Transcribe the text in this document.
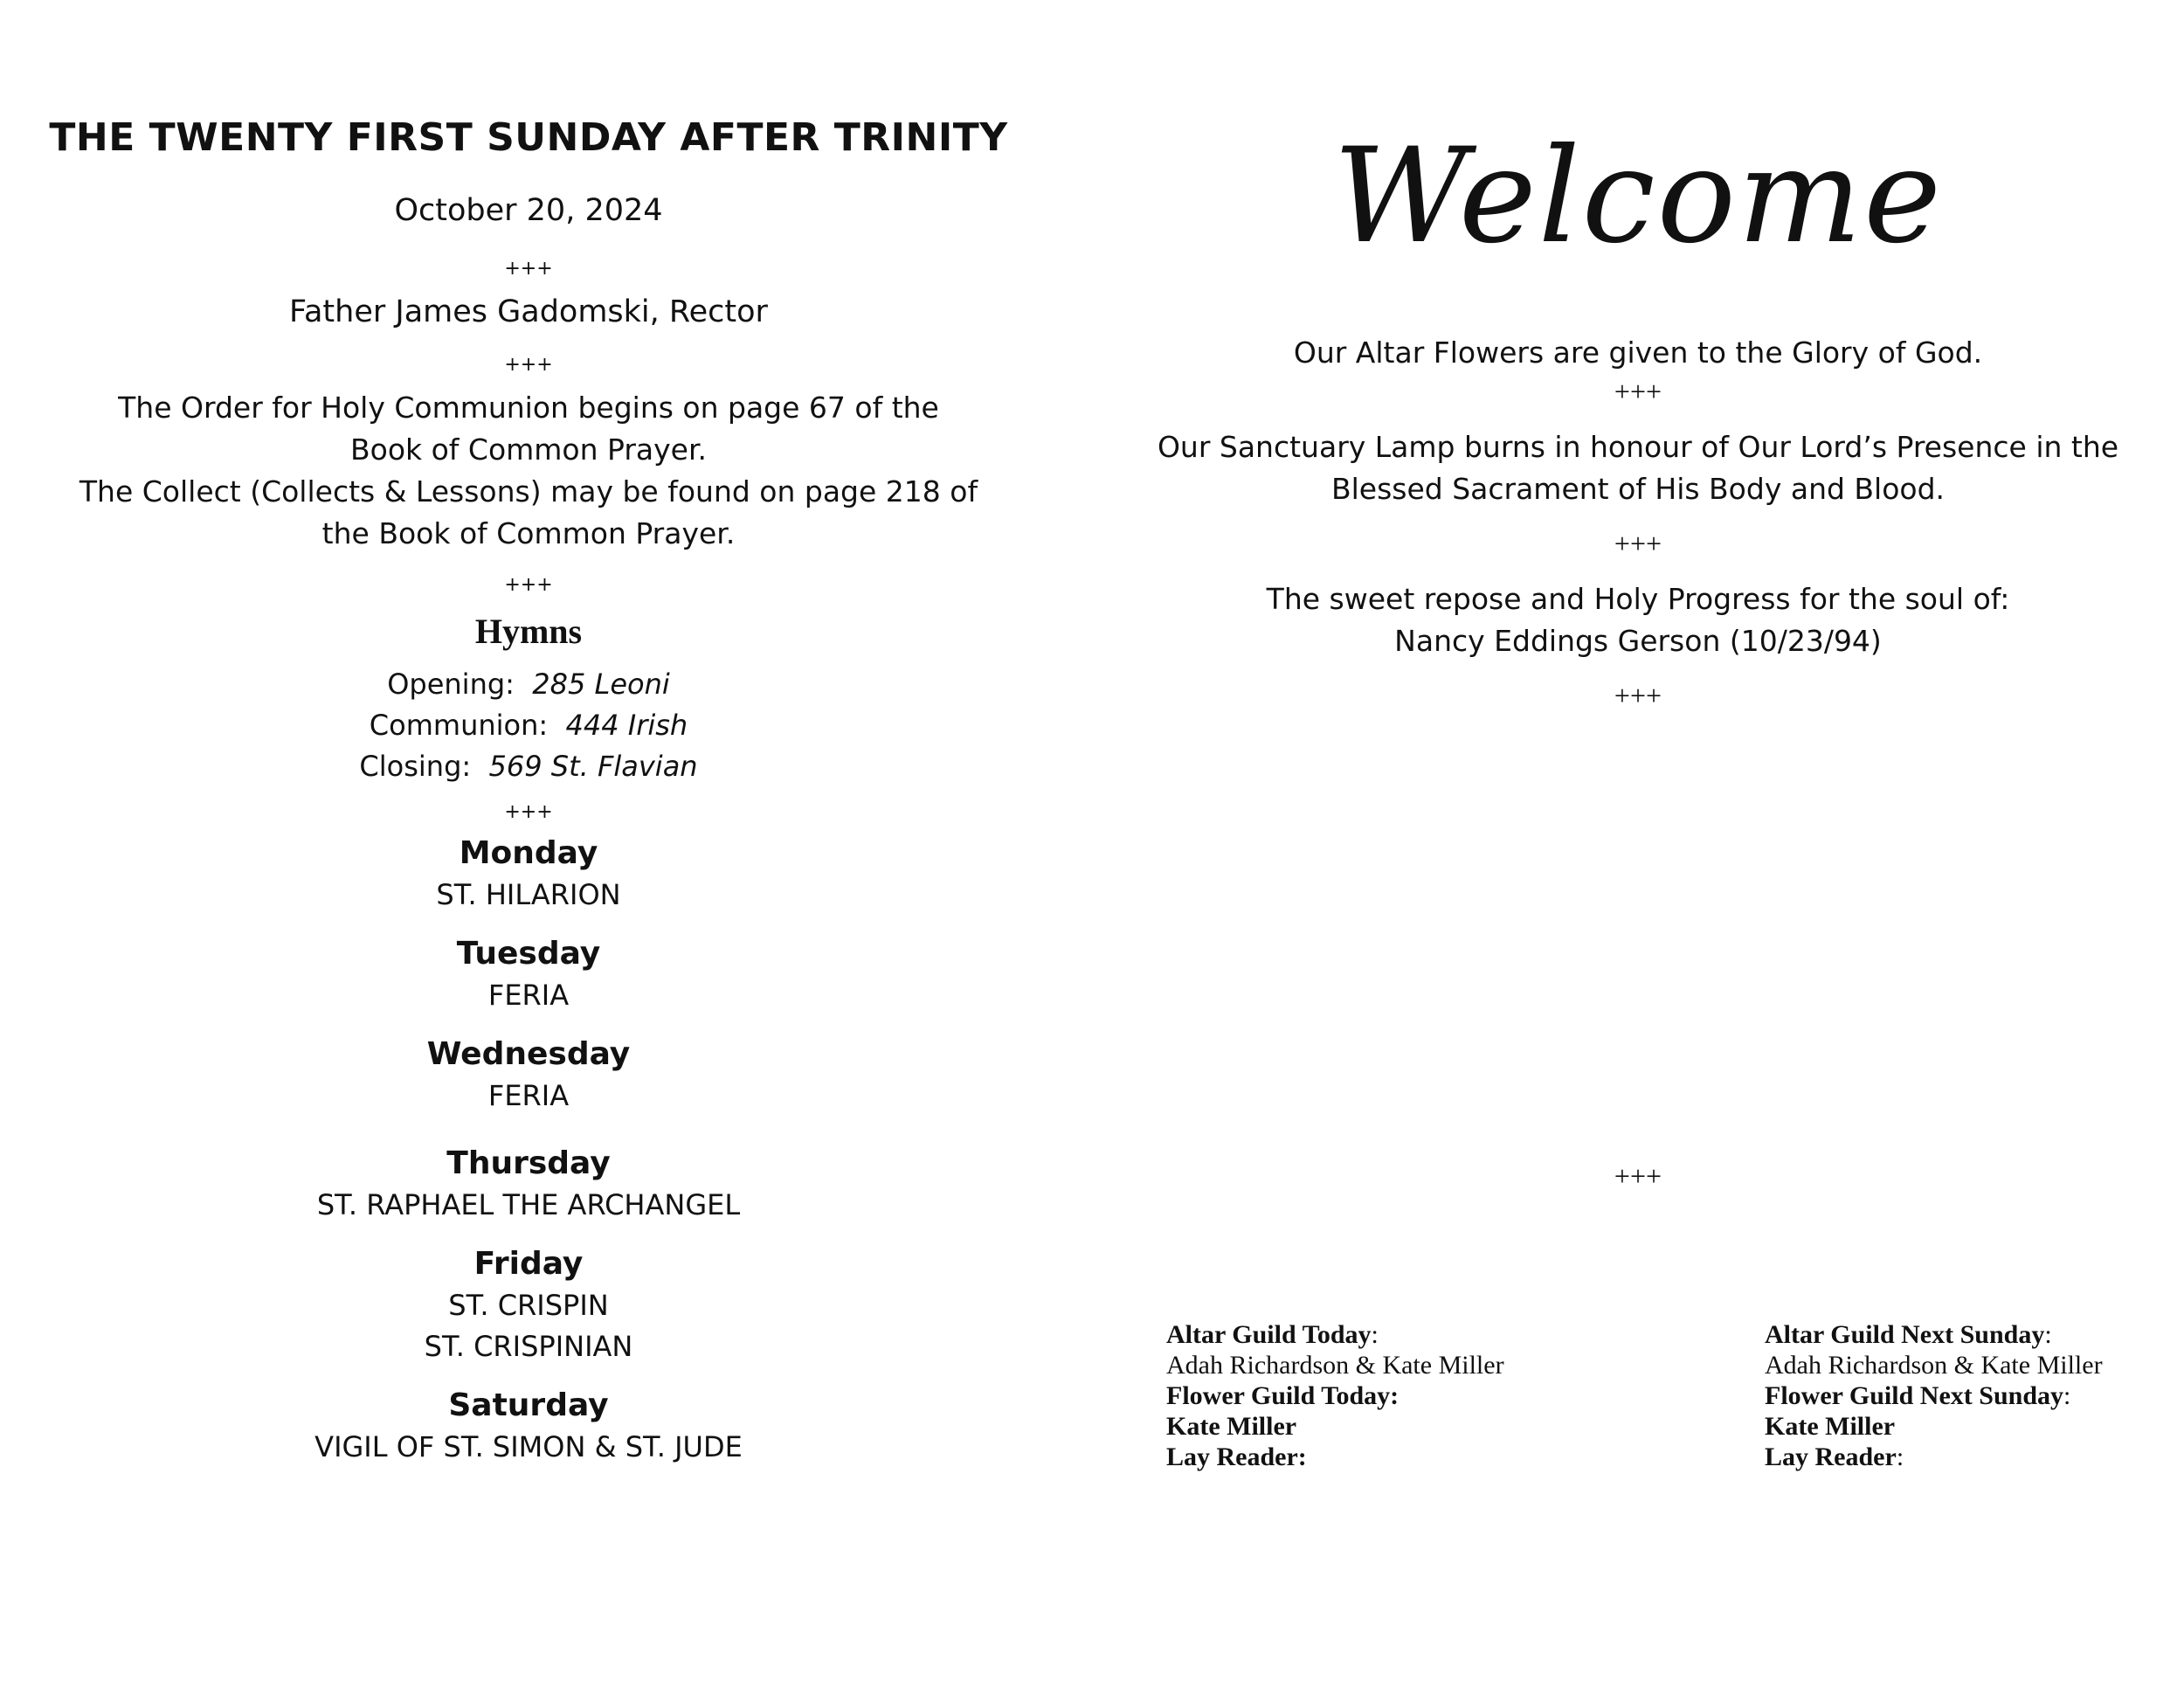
THE TWENTY FIRST SUNDAY AFTER TRINITY
October 20, 2024
+++
Father James Gadomski, Rector
+++
The Order for Holy Communion begins on page 67 of the
Book of Common Prayer.
The Collect (Collects & Lessons) may be found on page 218 of
the Book of Common Prayer.
+++
Hymns
Opening: 285 Leoni
Communion: 444 Irish
Closing: 569 St. Flavian
+++
Monday
ST. HILARION
Tuesday
FERIA
Wednesday
FERIA
Thursday
ST. RAPHAEL THE ARCHANGEL
Friday
ST. CRISPIN
ST. CRISPINIAN
Saturday
VIGIL OF ST. SIMON & ST. JUDE
Welcome
Our Altar Flowers are given to the Glory of God.
+++
Our Sanctuary Lamp burns in honour of Our Lord’s Presence in the
Blessed Sacrament of His Body and Blood.
+++
The sweet repose and Holy Progress for the soul of:
Nancy Eddings Gerson (10/23/94)
+++
+++
Altar Guild Today:
Adah Richardson & Kate Miller
Flower Guild Today:
Kate Miller
Lay Reader:
Altar Guild Next Sunday:
Adah Richardson & Kate Miller
Flower Guild Next Sunday:
Kate Miller
Lay Reader:
